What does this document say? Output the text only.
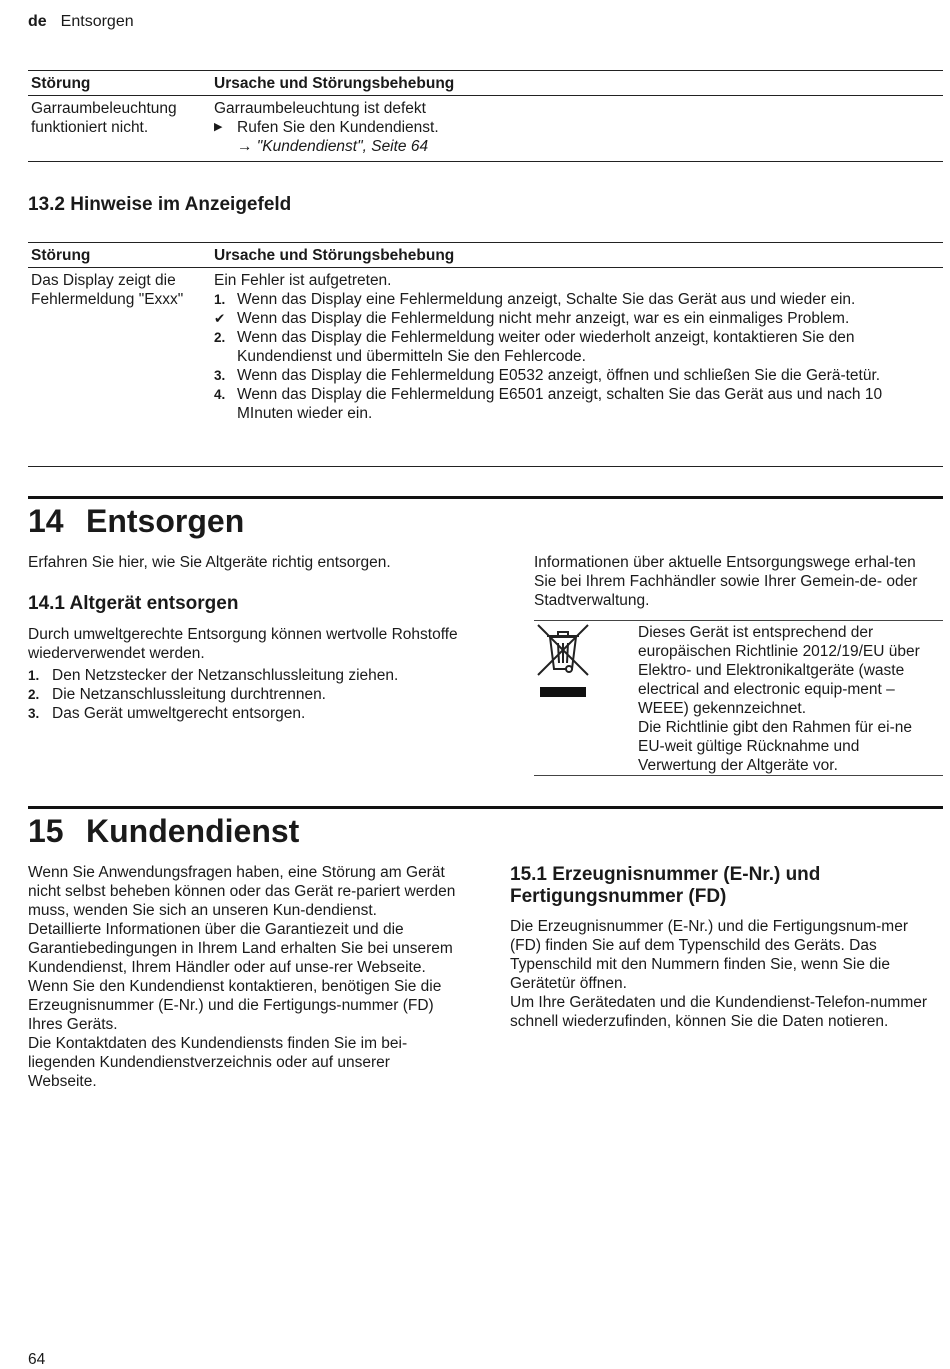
de Entsorgen
Störung	Ursache und Störungsbehebung
Garraumbeleuchtung funktioniert nicht.
Garraumbeleuchtung ist defekt
▶ Rufen Sie den Kundendienst.
→ "Kundendienst", Seite 64
13.2 Hinweise im Anzeigefeld
Störung	Ursache und Störungsbehebung
Das Display zeigt die Fehlermeldung "Exxx"
Ein Fehler ist aufgetreten.
1. Wenn das Display eine Fehlermeldung anzeigt, Schalte Sie das Gerät aus und wieder ein.
✔ Wenn das Display die Fehlermeldung nicht mehr anzeigt, war es ein einmaliges Problem.
2. Wenn das Display die Fehlermeldung weiter oder wiederholt anzeigt, kontaktieren Sie den Kundendienst und übermitteln Sie den Fehlercode.
3. Wenn das Display die Fehlermeldung E0532 anzeigt, öffnen und schließen Sie die Gerä-tetür.
4. Wenn das Display die Fehlermeldung E6501 anzeigt, schalten Sie das Gerät aus und nach 10 MInuten wieder ein.
14 Entsorgen
Erfahren Sie hier, wie Sie Altgeräte richtig entsorgen.
14.1 Altgerät entsorgen
Durch umweltgerechte Entsorgung können wertvolle Rohstoffe wiederverwendet werden.
1. Den Netzstecker der Netzanschlussleitung ziehen.
2. Die Netzanschlussleitung durchtrennen.
3. Das Gerät umweltgerecht entsorgen.
Informationen über aktuelle Entsorgungswege erhal-ten Sie bei Ihrem Fachhändler sowie Ihrer Gemein-de- oder Stadtverwaltung.
Dieses Gerät ist entsprechend der europäischen Richtlinie 2012/19/EU über Elektro- und Elektronikaltgeräte (waste electrical and electronic equip-ment – WEEE) gekennzeichnet.
Die Richtlinie gibt den Rahmen für ei-ne EU-weit gültige Rücknahme und Verwertung der Altgeräte vor.
15 Kundendienst

Wenn Sie Anwendungsfragen haben, eine Störung am Gerät nicht selbst beheben können oder das Gerät re-pariert werden muss, wenden Sie sich an unseren Kun-dendienst.

Detaillierte Informationen über die Garantiezeit und die Garantiebedingungen in Ihrem Land erhalten Sie bei unserem Kundendienst, Ihrem Händler oder auf unse-rer Webseite.

Wenn Sie den Kundendienst kontaktieren, benötigen Sie die Erzeugnisnummer (E-Nr.) und die Fertigungs-nummer (FD) Ihres Geräts.

Die Kontaktdaten des Kundendiensts finden Sie im bei-liegenden Kundendienstverzeichnis oder auf unserer Webseite.

15.1 Erzeugnisnummer (E-Nr.) und Fertigungsnummer (FD)

Die Erzeugnisnummer (E-Nr.) und die Fertigungsnum-mer (FD) finden Sie auf dem Typenschild des Geräts. Das Typenschild mit den Nummern finden Sie, wenn Sie die Gerätetür öffnen.

Um Ihre Gerätedaten und die Kundendienst-Telefon-nummer schnell wiederzufinden, können Sie die Daten notieren.

64
